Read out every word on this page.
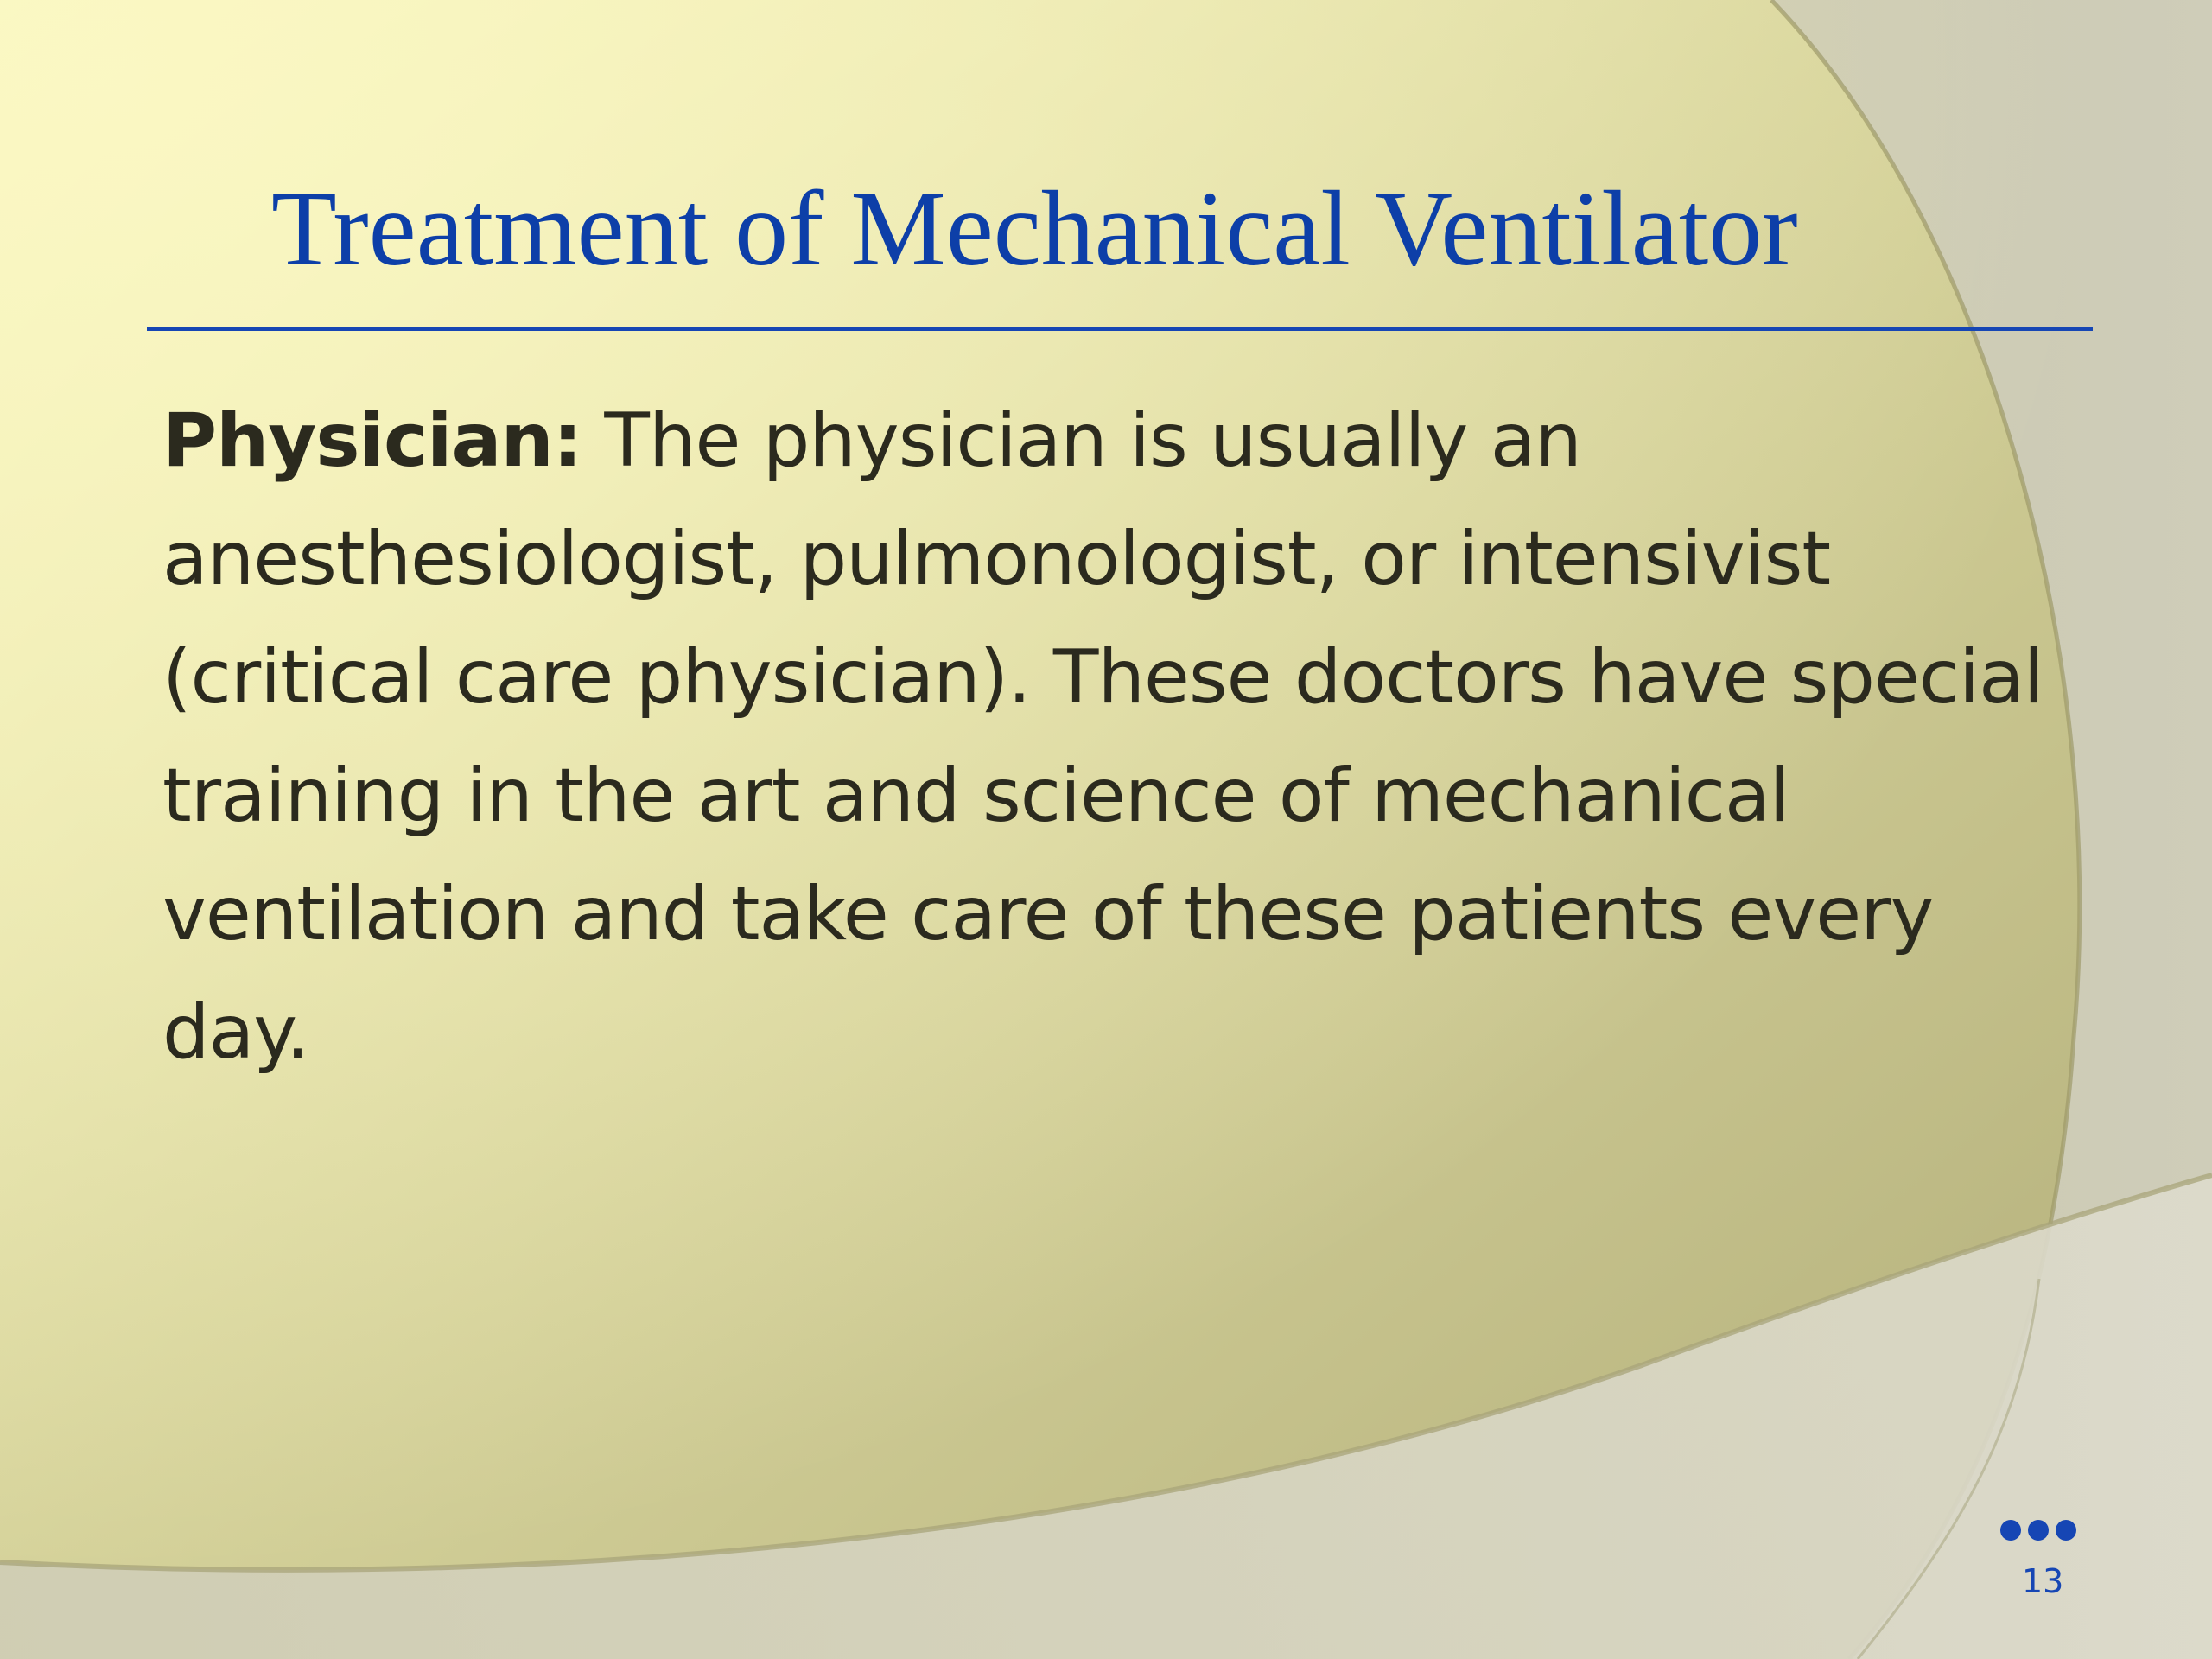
Treatment of Mechanical Ventilator

Physician: The physician is usually an anesthesiologist, pulmonologist, or intensivist (critical care physician). These doctors have special training in the art and science of mechanical ventilation and take care of these patients every day.

13
